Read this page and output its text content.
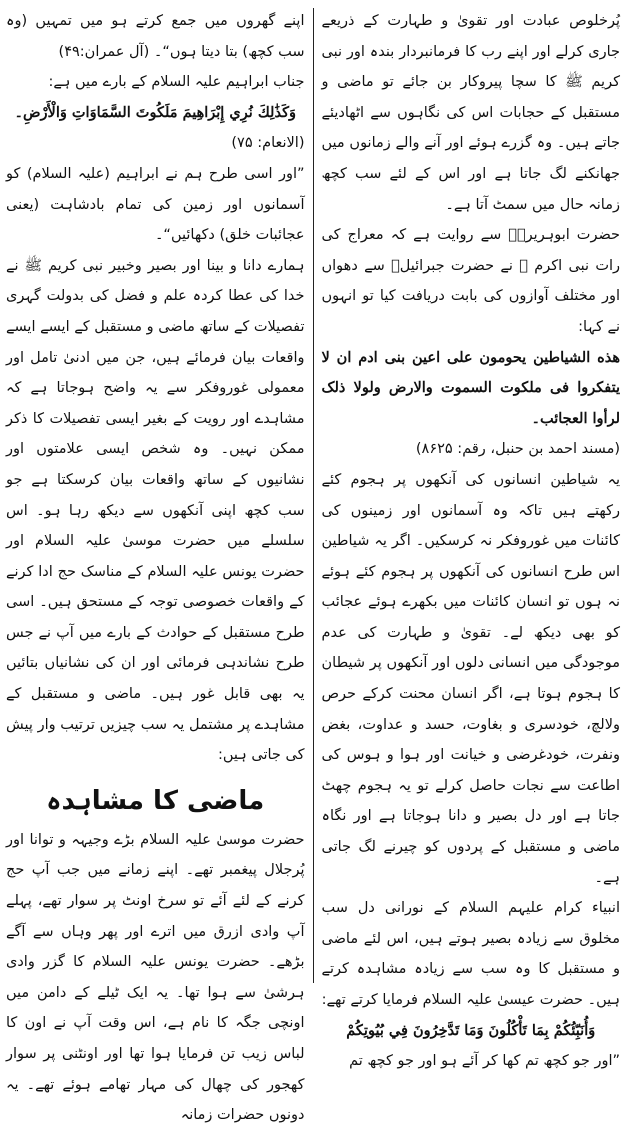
پُرخلوص عبادت اور تقویٰ و طہارت کے ذریعے جاری کرلے اور اپنے رب کا فرمانبردار بندہ اور نبی کریم ﷺ کا سچا پیروکار بن جائے تو ماضی و مستقبل کے حجابات اس کی نگاہوں سے اٹھادیئے جاتے ہیں۔ وہ گزرے ہوئے اور آنے والے زمانوں میں جھانکنے لگ جاتا ہے اور اس کے لئے سب کچھ زمانہ حال میں سمٹ آتا ہے۔

حضرت ابوہریرہؓ سے روایت ہے کہ معراج کی رات نبی اکرم ﷺ نے حضرت جبرائیلؑ سے دھواں اور مختلف آوازوں کی بابت دریافت کیا تو انہوں نے کہا:

هذه الشياطين يحومون على اعين بنی ادم ان لا يتفكروا فی ملكوت السموت والارض ولولا ذلک لرأوا العجائب۔

(مسند احمد بن حنبل، رقم: ۸۶۲۵)

یہ شیاطین انسانوں کی آنکھوں پر ہجوم کئے رکھتے ہیں تاکہ وہ آسمانوں اور زمینوں کی کائنات میں غوروفکر نہ کرسکیں۔ اگر یہ شیاطین اس طرح انسانوں کی آنکھوں پر ہجوم کئے ہوئے نہ ہوں تو انسان کائنات میں بکھرے ہوئے عجائب کو بھی دیکھ لے۔ تقویٰ و طہارت کی عدم موجودگی میں انسانی دلوں اور آنکھوں پر شیطان کا ہجوم ہوتا ہے، اگر انسان محنت کرکے حرص ولالچ، خودسری و بغاوت، حسد و عداوت، بغض ونفرت، خودغرضی و خیانت اور ہوا و ہوس کی اطاعت سے نجات حاصل کرلے تو یہ ہجوم چھٹ جاتا ہے اور دل بصیر و دانا ہوجاتا ہے اور نگاہ ماضی و مستقبل کے پردوں کو چیرنے لگ جاتی ہے۔

انبیاء کرام علیہم السلام کے نورانی دل سب مخلوق سے زیادہ بصیر ہوتے ہیں، اس لئے ماضی و مستقبل کا وہ سب سے زیادہ مشاہدہ کرتے ہیں۔ حضرت عیسیٰ علیہ السلام فرمایا کرتے تھے:

وَأُنَبِّئُكُمْ بِمَا تَأْكُلُونَ وَمَا تَدَّخِرُونَ فِي بُيُوتِكُمْ

”اور جو کچھ تم کھا کر آئے ہو اور جو کچھ تم

اپنے گھروں میں جمع کرتے ہو میں تمہیں (وہ سب کچھ) بتا دیتا ہوں“۔ (آل عمران:۴۹)

جناب ابراہیم علیہ السلام کے بارے میں ہے:

وَكَذَٰلِكَ نُرِي إِبْرَاهِيمَ مَلَكُوتَ السَّمَاوَاتِ وَالْأَرْضِ۔

(الانعام: ۷۵)

”اور اسی طرح ہم نے ابراہیم (علیہ السلام) کو آسمانوں اور زمین کی تمام بادشاہت (یعنی عجائبات خلق) دکھائیں“۔

ہمارے دانا و بینا اور بصیر وخبیر نبی کریم ﷺ نے خدا کی عطا کردہ علم و فضل کی بدولت گہری تفصیلات کے ساتھ ماضی و مستقبل کے ایسے ایسے واقعات بیان فرمائے ہیں، جن میں ادنیٰ تامل اور معمولی غوروفکر سے یہ واضح ہوجاتا ہے کہ مشاہدے اور رویت کے بغیر ایسی تفصیلات کا ذکر ممکن نہیں۔ وہ شخص ایسی علامتوں اور نشانیوں کے ساتھ واقعات بیان کرسکتا ہے جو سب کچھ اپنی آنکھوں سے دیکھ رہا ہو۔ اس سلسلے میں حضرت موسیٰ علیہ السلام اور حضرت یونس علیہ السلام کے مناسک حج ادا کرنے کے واقعات خصوصی توجہ کے مستحق ہیں۔ اسی طرح مستقبل کے حوادث کے بارے میں آپ نے جس طرح نشاندہی فرمائی اور ان کی نشانیاں بتائیں یہ بھی قابل غور ہیں۔ ماضی و مستقبل کے مشاہدے پر مشتمل یہ سب چیزیں ترتیب وار پیش کی جاتی ہیں:

ماضی کا مشاہدہ

حضرت موسیٰ علیہ السلام بڑے وجیہہ و توانا اور پُرجلال پیغمبر تھے۔ اپنے زمانے میں جب آپ حج کرنے کے لئے آئے تو سرخ اونٹ پر سوار تھے، پہلے آپ وادی ازرق میں اترے اور پھر وہاں سے آگے بڑھے۔ حضرت یونس علیہ السلام کا گزر وادی ہرشیٰ سے ہوا تھا۔ یہ ایک ٹیلے کے دامن میں اونچی جگہ کا نام ہے، اس وقت آپ نے اون کا لباس زیب تن فرمایا ہوا تھا اور اونٹنی پر سوار کھجور کی چھال کی مہار تھامے ہوئے تھے۔ یہ دونوں حضرات زمانہ
